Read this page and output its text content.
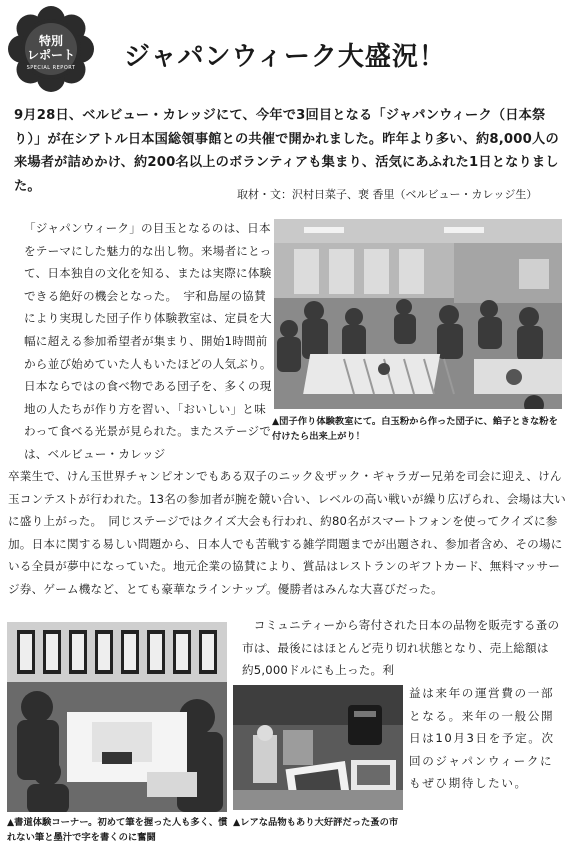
特別
レポート
SPECIAL REPORT	ジャパンウィーク大盛況！
9月28日、ベルビュー・カレッジにて、今年で3回目となる「ジャパンウィーク（日本祭り）」が在シアトル日本国総領事館との共催で開かれました。昨年より多い、約8,000人の来場者が詰めかけ、約200名以上のボランティアも集まり、活気にあふれた1日となりました。
取材・文：沢村日菜子、裵 香里（ベルビュー・カレッジ生）
「ジャパンウィーク」の目玉となるのは、日本をテーマにした魅力的な出し物。来場者にとって、日本独自の文化を知る、または実際に体験できる絶好の機会となった。　宇和島屋の協賛により実現した団子作り体験教室は、定員を大幅に超える参加希望者が集まり、開始1時間前から並び始めていた人もいたほどの人気ぶり。日本ならではの食べ物である団子を、多くの現地の人たちが作り方を習い、「おいしい」と味わって食べる光景が見られた。またステージでは、ベルビュー・カレッジ
▲団子作り体験教室にて。白玉粉から作った団子に、餡子ときな粉を付けたら出来上がり！
卒業生で、けん玉世界チャンピオンでもある双子のニック＆ザック・ギャラガー兄弟を司会に迎え、けん玉コンテストが行われた。13名の参加者が腕を競い合い、レベルの高い戦いが繰り広げられ、会場は大いに盛り上がった。　同じステージではクイズ大会も行われ、約80名がスマートフォンを使ってクイズに参加。日本に関する易しい問題から、日本人でも苦戦する雑学問題までが出題され、参加者含め、その場にいる全員が夢中になっていた。地元企業の協賛により、賞品はレストランのギフトカード、無料マッサージ券、ゲーム機など、とても豪華なラインナップ。優勝者はみんな大喜びだった。
▲書道体験コーナー。初めて筆を握った人も多く、慣れない筆と墨汁で字を書くのに奮闘
　コミュニティーから寄付された日本の品物を販売する蚤の市は、最後にはほとんど売り切れ状態となり、売上総額は約5,000ドルにも上った。利
▲レアな品物もあり大好評だった蚤の市
益は来年の運営費の一部となる。来年の一般公開日は10月3日を予定。次回のジャパンウィークにもぜひ期待したい。
